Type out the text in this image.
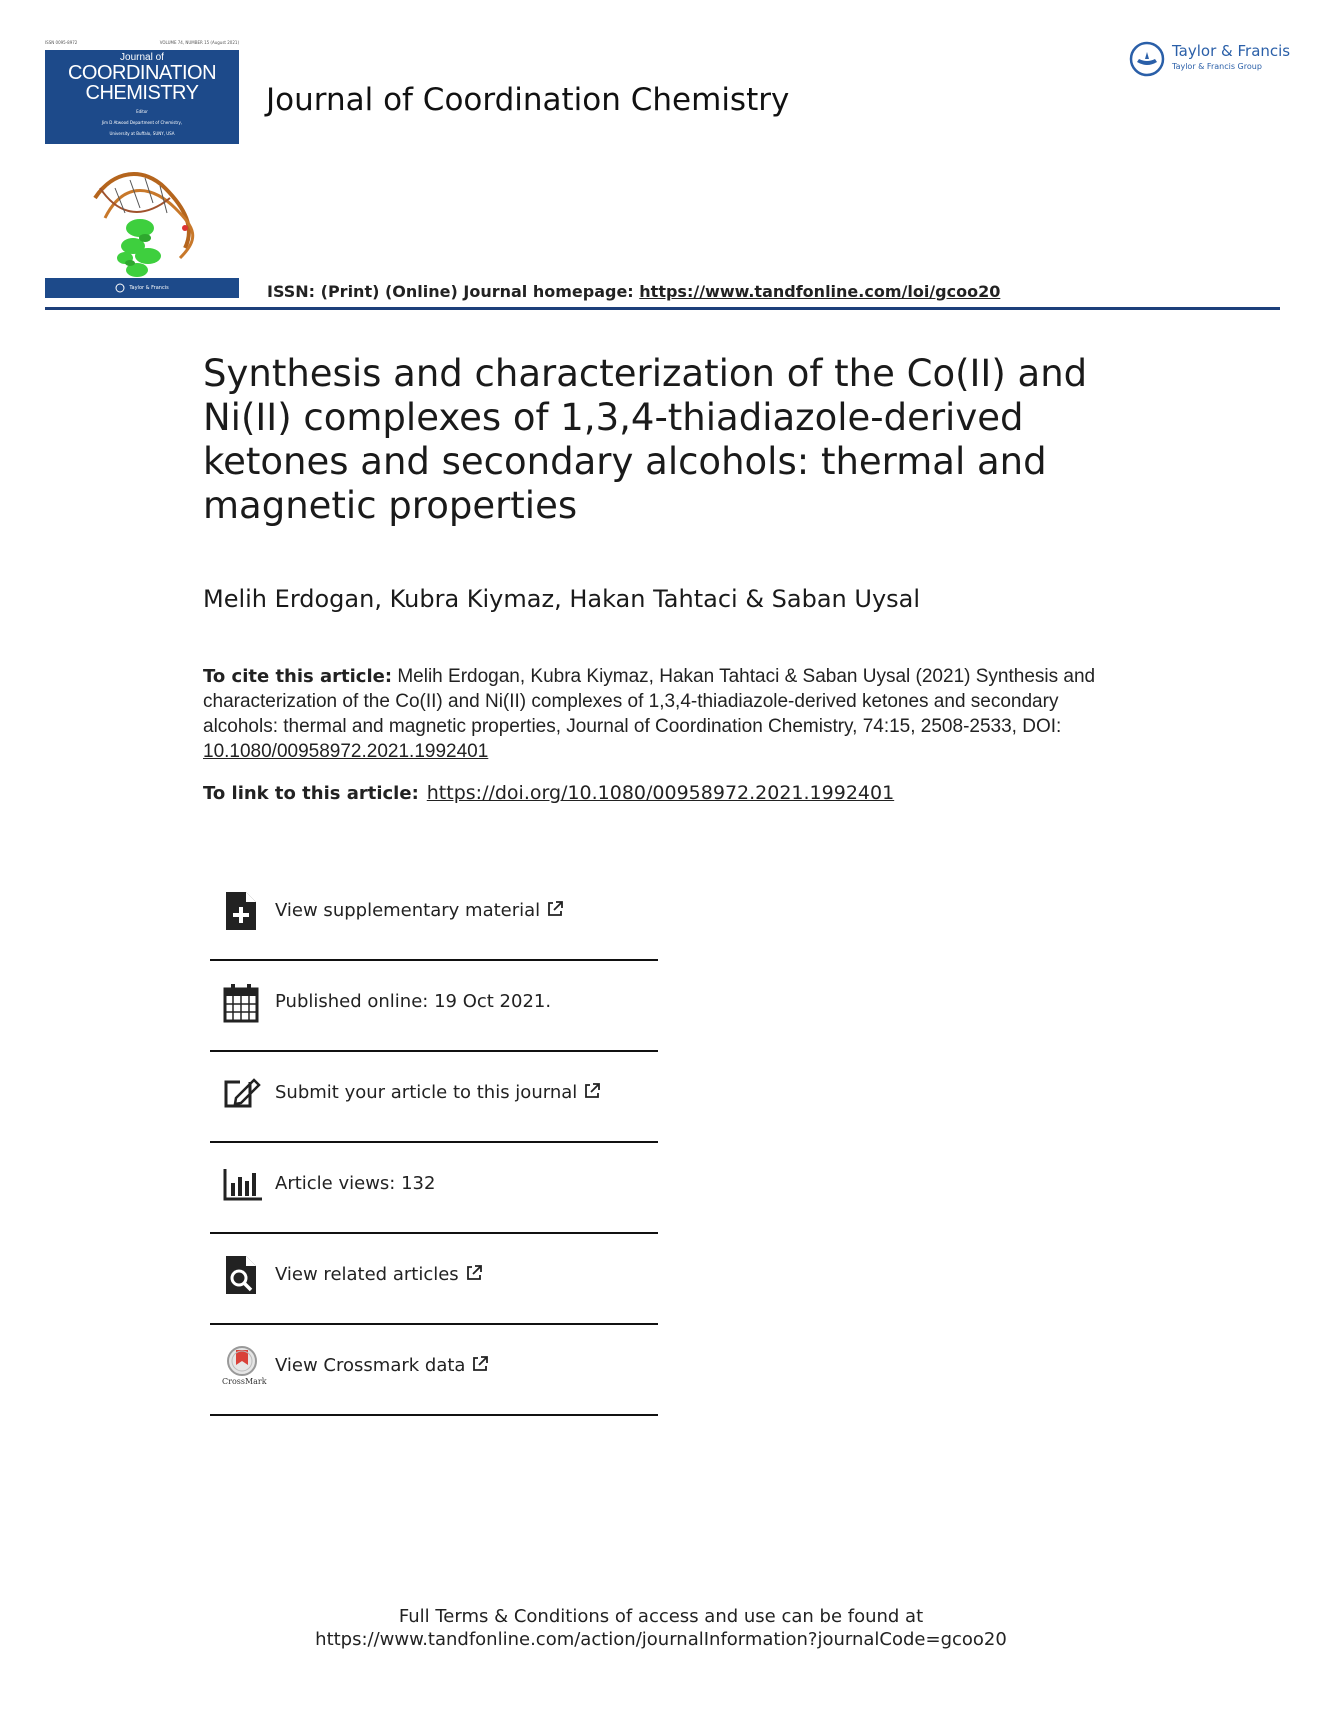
ISSN 0095-8972	VOLUME 74, NUMBER 15 (August 2021)
Journal of
COORDINATION
CHEMISTRY
Editor
Jim D Atwood Department of Chemistry,
University at Buffalo, SUNY, USA
Taylor & Francis
Journal of Coordination Chemistry
ISSN: (Print) (Online) Journal homepage: https://www.tandfonline.com/loi/gcoo20
Taylor & Francis
Taylor & Francis Group
Synthesis and characterization of the Co(II) and Ni(II) complexes of 1,3,4-thiadiazole-derived ketones and secondary alcohols: thermal and magnetic properties
Melih Erdogan, Kubra Kiymaz, Hakan Tahtaci & Saban Uysal
To cite this article: Melih Erdogan, Kubra Kiymaz, Hakan Tahtaci & Saban Uysal (2021) Synthesis and characterization of the Co(II) and Ni(II) complexes of 1,3,4-thiadiazole-derived ketones and secondary alcohols: thermal and magnetic properties, Journal of Coordination Chemistry, 74:15, 2508-2533, DOI: 10.1080/00958972.2021.1992401
To link to this article: https://doi.org/10.1080/00958972.2021.1992401
View supplementary material
Published online: 19 Oct 2021.
Submit your article to this journal
Article views: 132
View related articles
CrossMark
View Crossmark data
Full Terms & Conditions of access and use can be found at
https://www.tandfonline.com/action/journalInformation?journalCode=gcoo20
